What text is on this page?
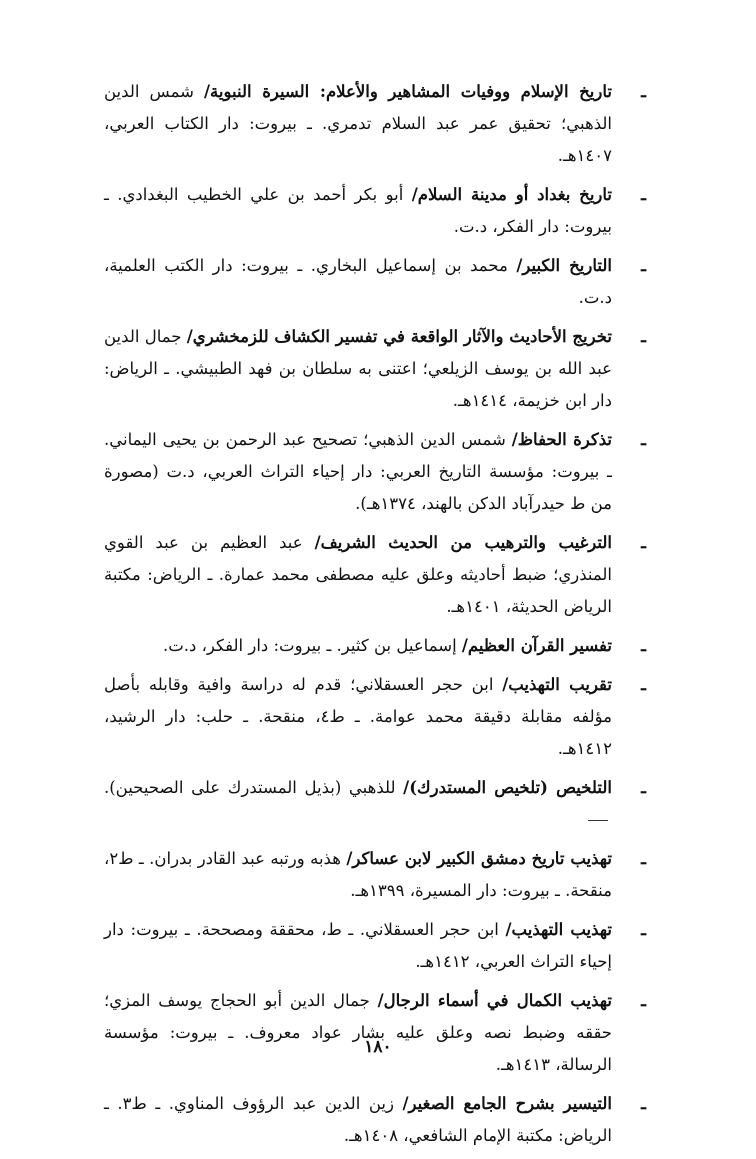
ـ
تاريخ الإسلام ووفيات المشاهير والأعلام: السيرة النبوية/ شمس الدين الذهبي؛ تحقيق عمر عبد السلام تدمري. ـ بيروت: دار الكتاب العربي، ١٤٠٧هـ.
ـ
تاريخ بغداد أو مدينة السلام/ أبو بكر أحمد بن علي الخطيب البغدادي. ـ بيروت: دار الفكر، د.ت.
ـ
التاريخ الكبير/ محمد بن إسماعيل البخاري. ـ بيروت: دار الكتب العلمية، د.ت.
ـ
تخريج الأحاديث والآثار الواقعة في تفسير الكشاف للزمخشري/ جمال الدين عبد الله بن يوسف الزيلعي؛ اعتنى به سلطان بن فهد الطبيشي. ـ الرياض: دار ابن خزيمة، ١٤١٤هـ.
ـ
تذكرة الحفاظ/ شمس الدين الذهبي؛ تصحيح عبد الرحمن بن يحيى اليماني. ـ بيروت: مؤسسة التاريخ العربي: دار إحياء التراث العربي، د.ت (مصورة من ط حيدرآباد الدكن بالهند، ١٣٧٤هـ).
ـ
الترغيب والترهيب من الحديث الشريف/ عبد العظيم بن عبد القوي المنذري؛ ضبط أحاديثه وعلق عليه مصطفى محمد عمارة. ـ الرياض: مكتبة الرياض الحديثة، ١٤٠١هـ.
ـ
تفسير القرآن العظيم/ إسماعيل بن كثير. ـ بيروت: دار الفكر، د.ت.
ـ
تقريب التهذيب/ ابن حجر العسقلاني؛ قدم له دراسة وافية وقابله بأصل مؤلفه مقابلة دقيقة محمد عوامة. ـ ط٤، منقحة. ـ حلب: دار الرشيد، ١٤١٢هـ.
ـ
التلخيص (تلخيص المستدرك)/ للذهبي (بذيل المستدرك على الصحيحين).
ـ
تهذيب تاريخ دمشق الكبير لابن عساكر/ هذبه ورتبه عبد القادر بدران. ـ ط٢، منقحة. ـ بيروت: دار المسيرة، ١٣٩٩هـ.
ـ
تهذيب التهذيب/ ابن حجر العسقلاني. ـ ط، محققة ومصححة. ـ بيروت: دار إحياء التراث العربي، ١٤١٢هـ.
ـ
تهذيب الكمال في أسماء الرجال/ جمال الدين أبو الحجاج يوسف المزي؛ حققه وضبط نصه وعلق عليه بشار عواد معروف. ـ بيروت: مؤسسة الرسالة، ١٤١٣هـ.
ـ
التيسير بشرح الجامع الصغير/ زين الدين عبد الرؤوف المناوي. ـ ط٣. ـ الرياض: مكتبة الإمام الشافعي، ١٤٠٨هـ.
١٨٠
